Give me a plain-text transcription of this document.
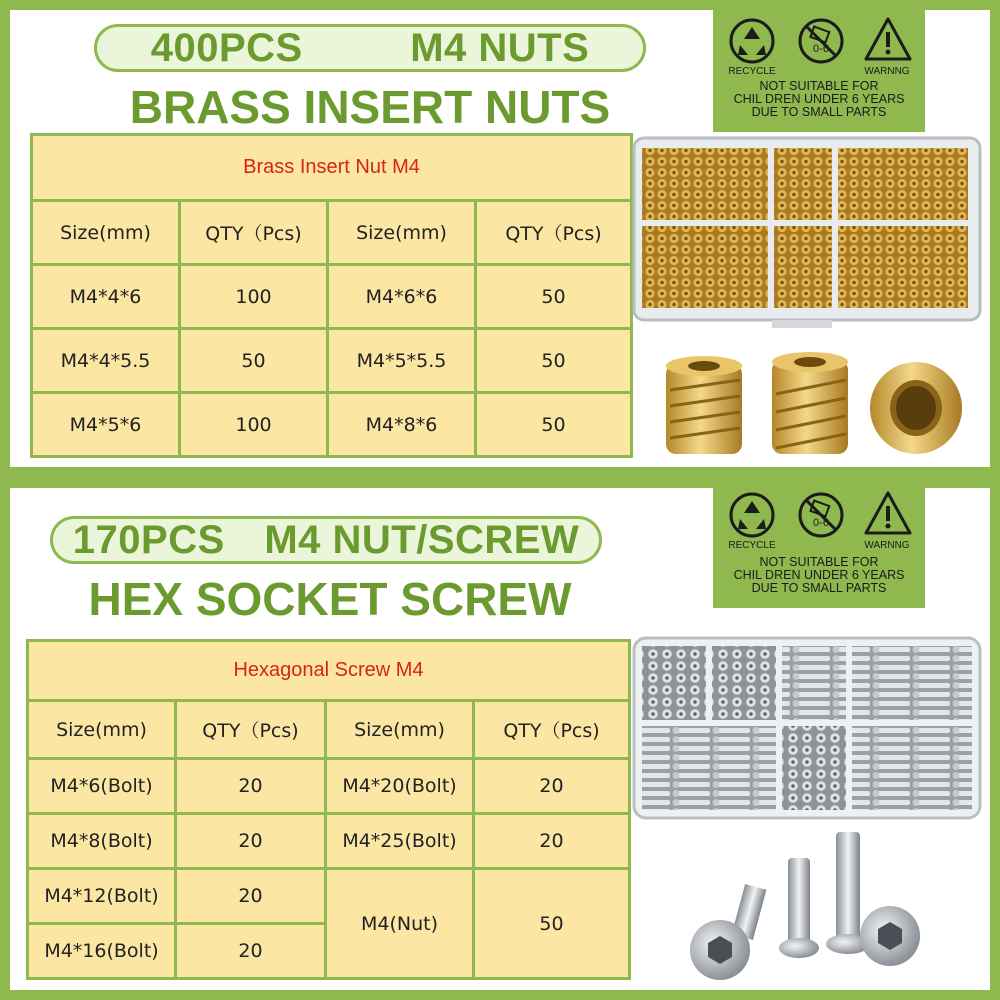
400PCS	M4 NUTS
BRASS INSERT NUTS
RECYCLE
0-6
WARNNG
NOT SUITABLE FOR
CHIL DREN UNDER 6 YEARS
DUE TO SMALL PARTS
Brass Insert Nut M4			
Size(mm)	QTY（Pcs)	Size(mm)	QTY（Pcs)
M4*4*6	100	M4*6*6	50
M4*4*5.5	50	M4*5*5.5	50
M4*5*6	100	M4*8*6	50
170PCS M4 NUT/SCREW
HEX SOCKET SCREW
RECYCLE
0-6
WARNNG
NOT SUITABLE FOR
CHIL DREN UNDER 6 YEARS
DUE TO SMALL PARTS
Hexagonal Screw M4			
Size(mm)	QTY（Pcs)	Size(mm)	QTY（Pcs)
M4*6(Bolt)	20	M4*20(Bolt)	20
M4*8(Bolt)	20	M4*25(Bolt)	20
M4*12(Bolt)	20	M4(Nut)	50
M4*16(Bolt)	20		
